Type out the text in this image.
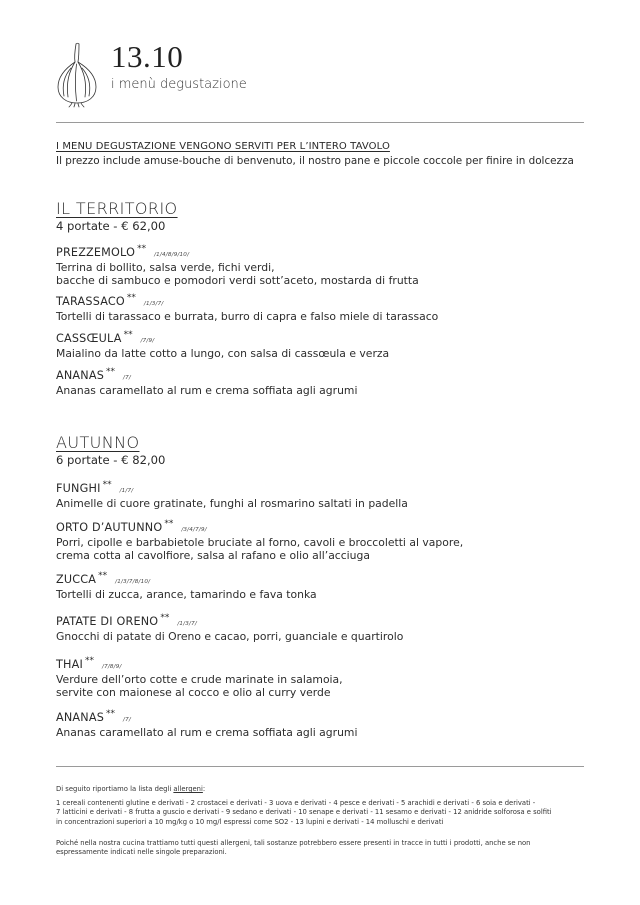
13.10
i menù degustazione
I MENU DEGUSTAZIONE VENGONO SERVITI PER L’INTERO TAVOLO
Il prezzo include amuse-bouche di benvenuto, il nostro pane e piccole coccole per finire in dolcezza
IL TERRITORIO
4 portate - € 62,00
PREZZEMOLO **/1/4/8/9/10/
Terrina di bollito, salsa verde, fichi verdi,
bacche di sambuco e pomodori verdi sott’aceto, mostarda di frutta
TARASSACO **/1/3/7/
Tortelli di tarassaco e burrata, burro di capra e falso miele di tarassaco
CASSŒULA **/7/9/
Maialino da latte cotto a lungo, con salsa di cassœula e verza
ANANAS **/7/
Ananas caramellato al rum e crema soffiata agli agrumi
AUTUNNO
6 portate - € 82,00
FUNGHI **/1/7/
Animelle di cuore gratinate, funghi al rosmarino saltati in padella
ORTO D’AUTUNNO **/3/4/7/9/
Porri, cipolle e barbabietole bruciate al forno, cavoli e broccoletti al vapore,
crema cotta al cavolfiore, salsa al rafano e olio all’acciuga
ZUCCA **/1/3/7/8/10/
Tortelli di zucca, arance, tamarindo e fava tonka
PATATE DI ORENO **/1/3/7/
Gnocchi di patate di Oreno e cacao, porri, guanciale e quartirolo
THAI **/7/8/9/
Verdure dell’orto cotte e crude marinate in salamoia,
servite con maionese al cocco e olio al curry verde
ANANAS **/7/
Ananas caramellato al rum e crema soffiata agli agrumi
Di seguito riportiamo la lista degli allergeni:
1 cereali contenenti glutine e derivati - 2 crostacei e derivati - 3 uova e derivati - 4 pesce e derivati - 5 arachidi e derivati - 6 soia e derivati -
7 latticini e derivati - 8 frutta a guscio e derivati - 9 sedano e derivati - 10 senape e derivati - 11 sesamo e derivati - 12 anidride solforosa e solfiti
in concentrazioni superiori a 10 mg/kg o 10 mg/l espressi come SO2 - 13 lupini e derivati - 14 molluschi e derivati
Poiché nella nostra cucina trattiamo tutti questi allergeni, tali sostanze potrebbero essere presenti in tracce in tutti i prodotti, anche se non
espressamente indicati nelle singole preparazioni.
